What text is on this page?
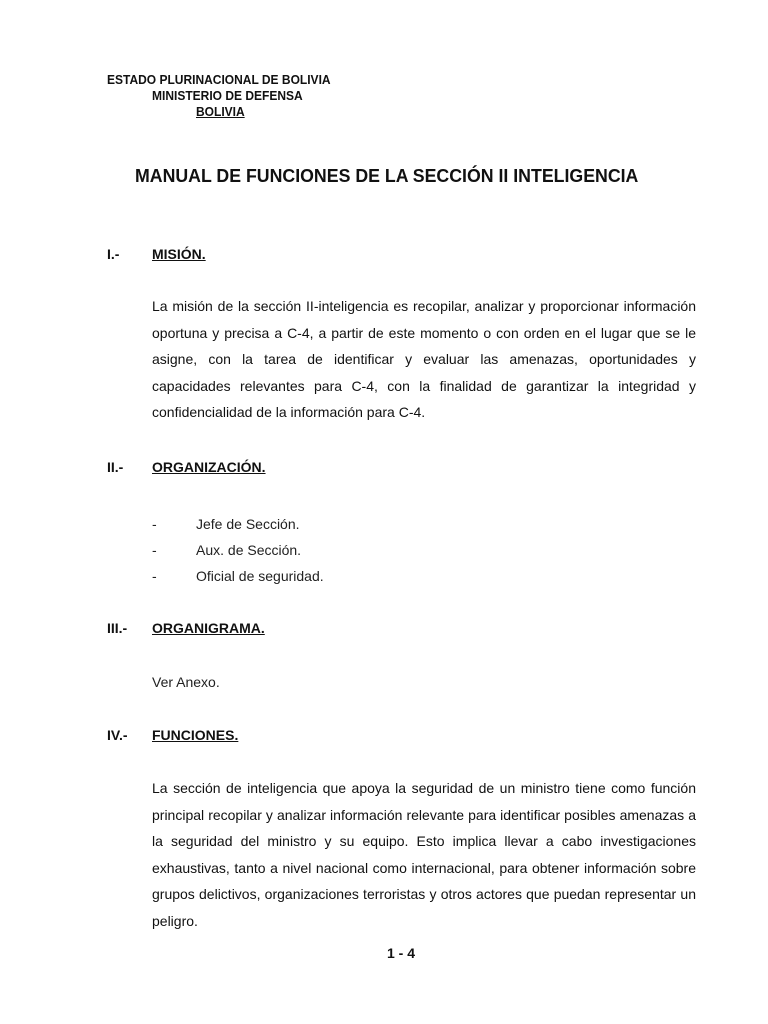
ESTADO PLURINACIONAL DE BOLIVIA
MINISTERIO DE DEFENSA
BOLIVIA
MANUAL DE FUNCIONES DE LA SECCIÓN II INTELIGENCIA
I.- MISIÓN.

La misión de la sección II-inteligencia es recopilar, analizar y proporcionar información oportuna y precisa a C-4, a partir de este momento o con orden en el lugar que se le asigne, con la tarea de identificar y evaluar las amenazas, oportunidades y capacidades relevantes para C-4, con la finalidad de garantizar la integridad y confidencialidad de la información para C-4.

II.- ORGANIZACIÓN.
-	Jefe de Sección.
-	Aux. de Sección.
-	Oficial de seguridad.
III.- ORGANIGRAMA.
Ver Anexo.
IV.- FUNCIONES.

La sección de inteligencia que apoya la seguridad de un ministro tiene como función principal recopilar y analizar información relevante para identificar posibles amenazas a la seguridad del ministro y su equipo. Esto implica llevar a cabo investigaciones exhaustivas, tanto a nivel nacional como internacional, para obtener información sobre grupos delictivos, organizaciones terroristas y otros actores que puedan representar un peligro.

1 - 4
